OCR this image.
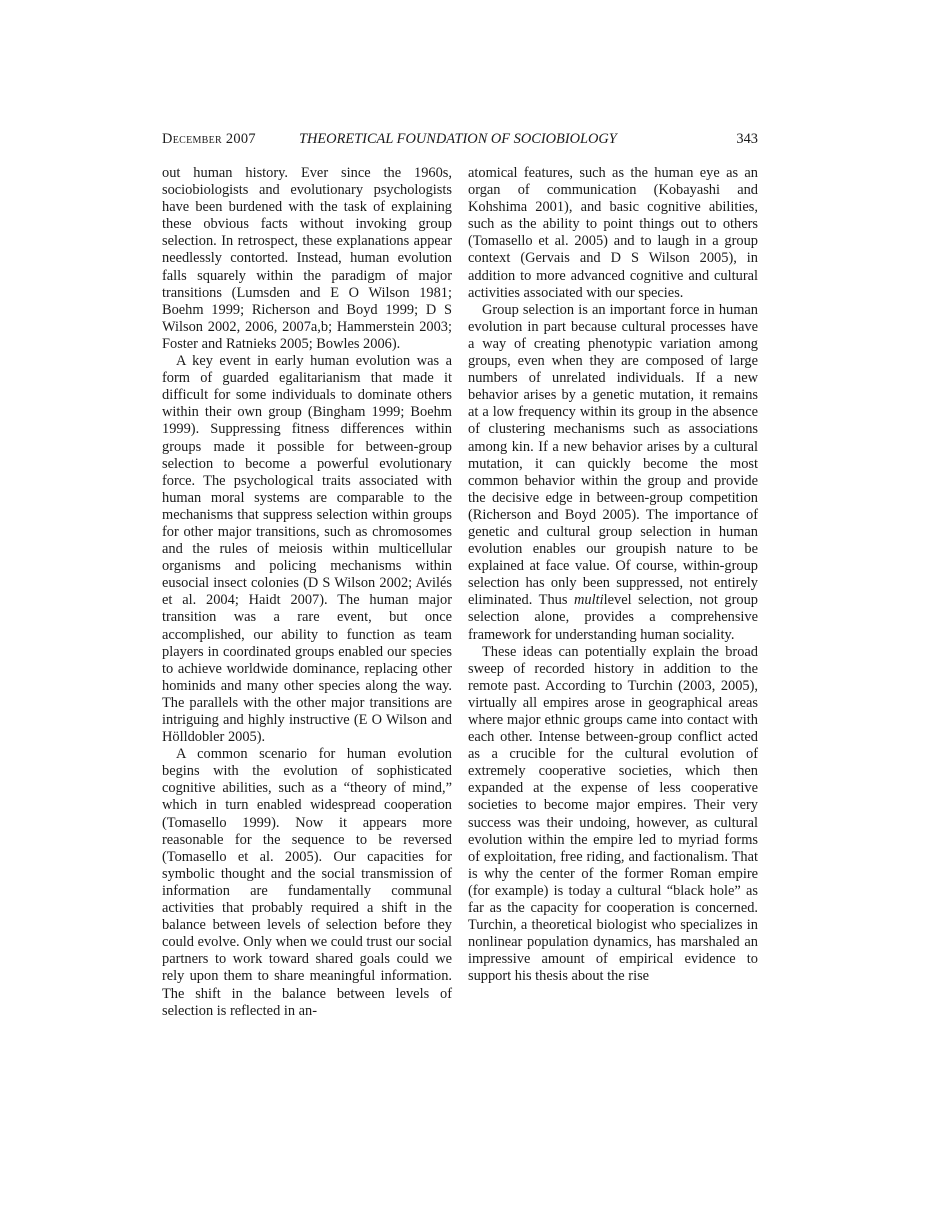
December 2007	THEORETICAL FOUNDATION OF SOCIOBIOLOGY	343

out human history. Ever since the 1960s, sociobiologists and evolutionary psychologists have been burdened with the task of explaining these obvious facts without invoking group selection. In retrospect, these explanations appear needlessly contorted. Instead, human evolution falls squarely within the paradigm of major transitions (Lumsden and E O Wilson 1981; Boehm 1999; Richerson and Boyd 1999; D S Wilson 2002, 2006, 2007a,b; Hammerstein 2003; Foster and Ratnieks 2005; Bowles 2006).

A key event in early human evolution was a form of guarded egalitarianism that made it difficult for some individuals to dominate others within their own group (Bingham 1999; Boehm 1999). Suppressing fitness differences within groups made it possible for between-group selection to become a powerful evolutionary force. The psychological traits associated with human moral systems are comparable to the mechanisms that suppress selection within groups for other major transitions, such as chromosomes and the rules of meiosis within multicellular organisms and policing mechanisms within eusocial insect colonies (D S Wilson 2002; Avilés et al. 2004; Haidt 2007). The human major transition was a rare event, but once accomplished, our ability to function as team players in coordinated groups enabled our species to achieve worldwide dominance, replacing other hominids and many other species along the way. The parallels with the other major transitions are intriguing and highly instructive (E O Wilson and Hölldobler 2005).

A common scenario for human evolution begins with the evolution of sophisticated cognitive abilities, such as a “theory of mind,” which in turn enabled widespread cooperation (Tomasello 1999). Now it appears more reasonable for the sequence to be reversed (Tomasello et al. 2005). Our capacities for symbolic thought and the social transmission of information are fundamentally communal activities that probably required a shift in the balance between levels of selection before they could evolve. Only when we could trust our social partners to work toward shared goals could we rely upon them to share meaningful information. The shift in the balance between levels of selection is reflected in an-

atomical features, such as the human eye as an organ of communication (Kobayashi and Kohshima 2001), and basic cognitive abilities, such as the ability to point things out to others (Tomasello et al. 2005) and to laugh in a group context (Gervais and D S Wilson 2005), in addition to more advanced cognitive and cultural activities associated with our species.

Group selection is an important force in human evolution in part because cultural processes have a way of creating phenotypic variation among groups, even when they are composed of large numbers of unrelated individuals. If a new behavior arises by a genetic mutation, it remains at a low frequency within its group in the absence of clustering mechanisms such as associations among kin. If a new behavior arises by a cultural mutation, it can quickly become the most common behavior within the group and provide the decisive edge in between-group competition (Richerson and Boyd 2005). The importance of genetic and cultural group selection in human evolution enables our groupish nature to be explained at face value. Of course, within-group selection has only been suppressed, not entirely eliminated. Thus multilevel selection, not group selection alone, provides a comprehensive framework for understanding human sociality.

These ideas can potentially explain the broad sweep of recorded history in addition to the remote past. According to Turchin (2003, 2005), virtually all empires arose in geographical areas where major ethnic groups came into contact with each other. Intense between-group conflict acted as a crucible for the cultural evolution of extremely cooperative societies, which then expanded at the expense of less cooperative societies to become major empires. Their very success was their undoing, however, as cultural evolution within the empire led to myriad forms of exploitation, free riding, and factionalism. That is why the center of the former Roman empire (for example) is today a cultural “black hole” as far as the capacity for cooperation is concerned. Turchin, a theoretical biologist who specializes in nonlinear population dynamics, has marshaled an impressive amount of empirical evidence to support his thesis about the rise
